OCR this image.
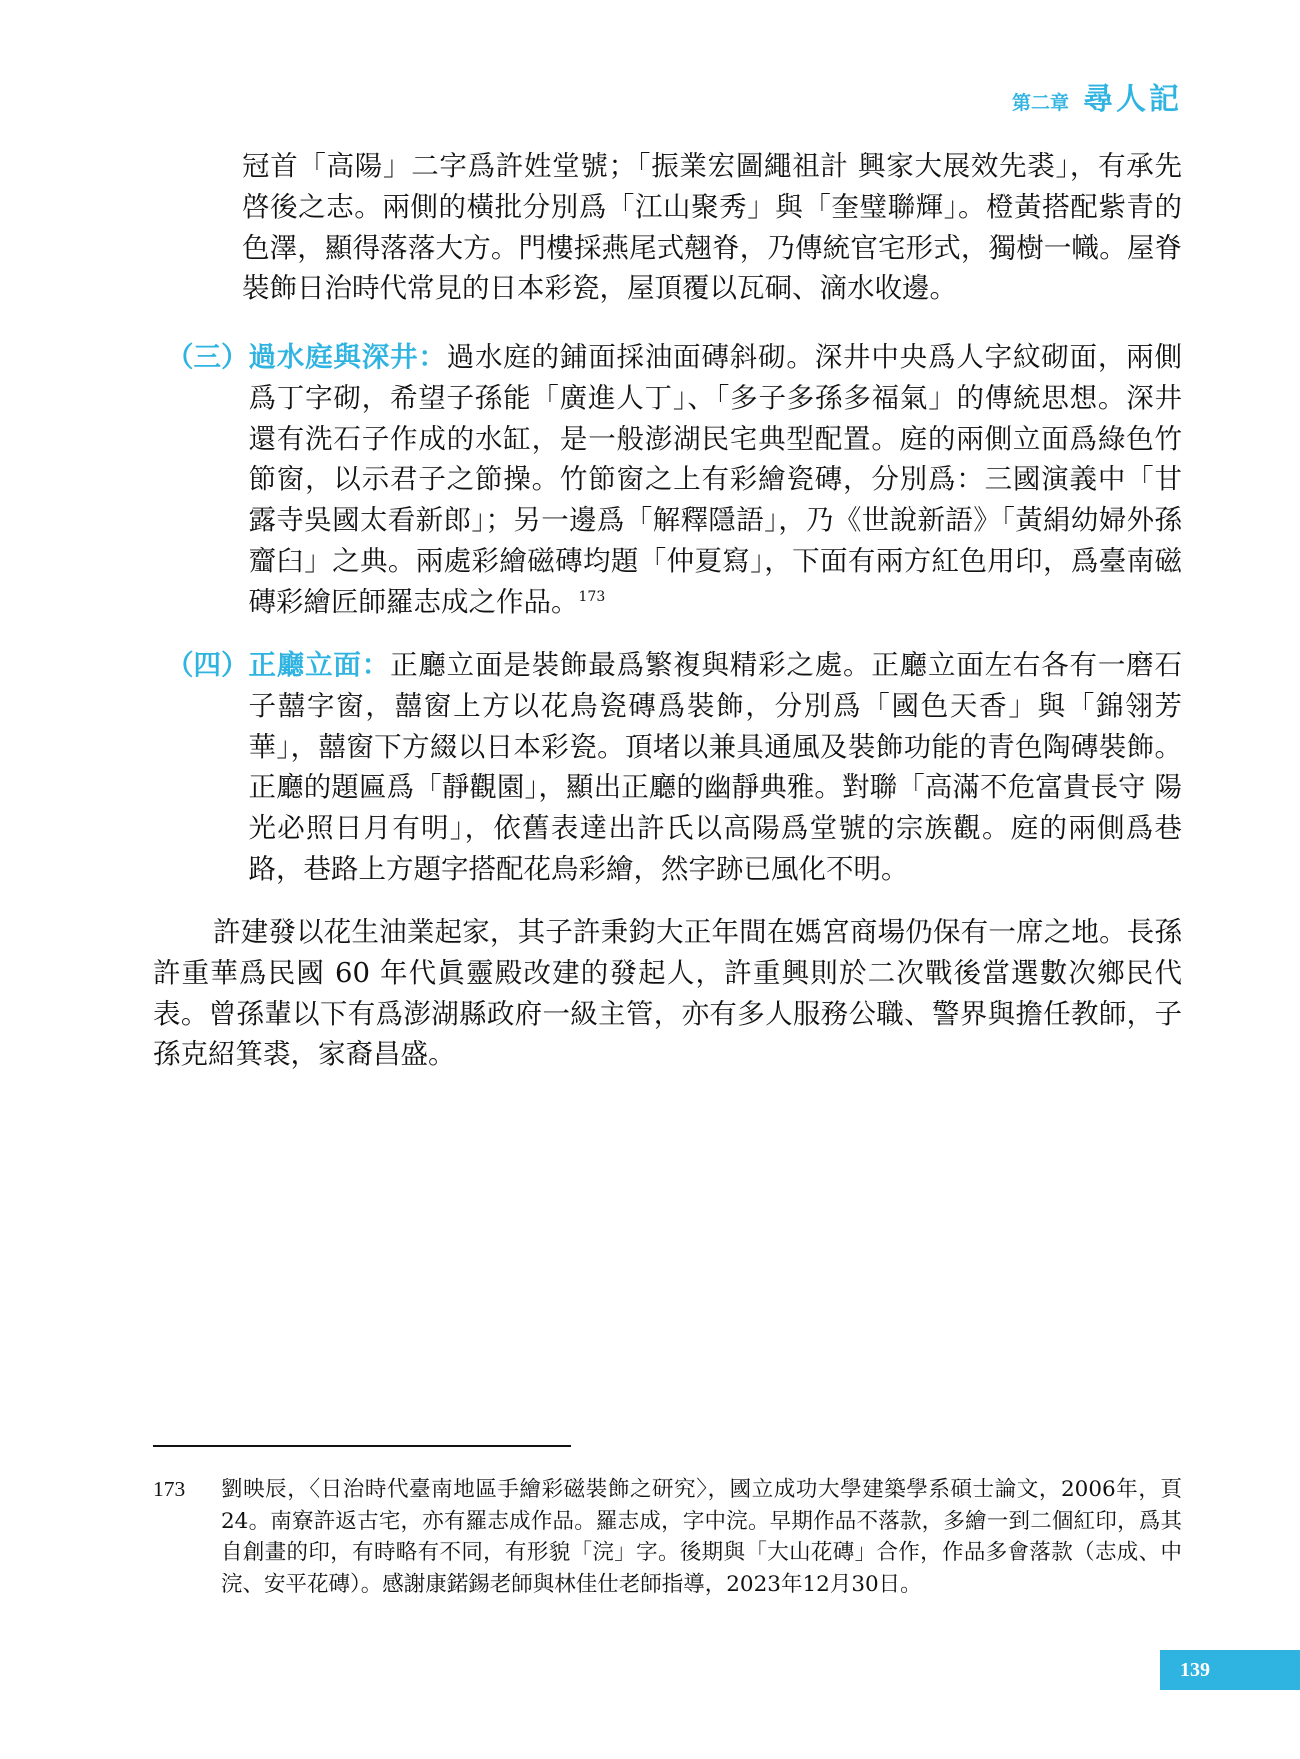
第二章 尋人記
冠首「高陽」二字爲許姓堂號；「振業宏圖繩祖計 興家大展效先裘」，有承先啓後之志。兩側的橫批分別爲「江山聚秀」與「奎璧聯輝」。橙黃搭配紫青的色澤，顯得落落大方。門樓採燕尾式翹脊，乃傳統官宅形式，獨樹一幟。屋脊裝飾日治時代常見的日本彩瓷，屋頂覆以瓦硐、滴水收邊。
（三） 過水庭與深井：過水庭的鋪面採油面磚斜砌。深井中央爲人字紋砌面，兩側爲丁字砌，希望子孫能「廣進人丁」、「多子多孫多福氣」的傳統思想。深井還有洗石子作成的水缸，是一般澎湖民宅典型配置。庭的兩側立面爲綠色竹節窗，以示君子之節操。竹節窗之上有彩繪瓷磚，分別爲：三國演義中「甘露寺吳國太看新郎」；另一邊爲「解釋隱語」，乃《世說新語》「黃絹幼婦外孫齏臼」之典。兩處彩繪磁磚均題「仲夏寫」，下面有兩方紅色用印，爲臺南磁磚彩繪匠師羅志成之作品。$^{173}$
（四） 正廳立面：正廳立面是裝飾最爲繁複與精彩之處。正廳立面左右各有一磨石子囍字窗，囍窗上方以花鳥瓷磚爲裝飾，分別爲「國色天香」與「錦翎芳華」，囍窗下方綴以日本彩瓷。頂堵以兼具通風及裝飾功能的青色陶磚裝飾。正廳的題匾爲「靜觀園」，顯出正廳的幽靜典雅。對聯「高滿不危富貴長守 陽光必照日月有明」，依舊表達出許氏以高陽爲堂號的宗族觀。庭的兩側爲巷路，巷路上方題字搭配花鳥彩繪，然字跡已風化不明。
許建發以花生油業起家，其子許秉鈞大正年間在媽宮商場仍保有一席之地。長孫許重華爲民國 60 年代眞靈殿改建的發起人，許重興則於二次戰後當選數次鄉民代表。曾孫輩以下有爲澎湖縣政府一級主管，亦有多人服務公職、警界與擔任教師，子孫克紹箕裘，家裔昌盛。
173	劉映辰，〈日治時代臺南地區手繪彩磁裝飾之研究〉，國立成功大學建築學系碩士論文，2006年，頁24。南寮許返古宅，亦有羅志成作品。羅志成，字中浣。早期作品不落款，多繪一到二個紅印，爲其自創畫的印，有時略有不同，有形貌「浣」字。後期與「大山花磚」合作，作品多會落款（志成、中浣、安平花磚）。感謝康鍩錫老師與林佳仕老師指導，2023年12月30日。
139
